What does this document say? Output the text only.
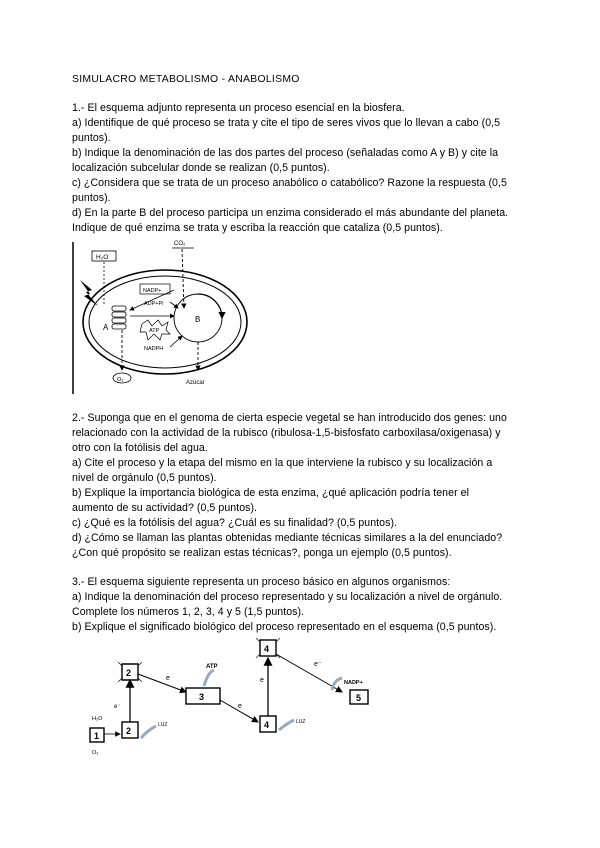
SIMULACRO METABOLISMO - ANABOLISMO
1.- El esquema adjunto representa un proceso esencial en la biosfera.
a) Identifique de qué proceso se trata y cite el tipo de seres vivos que lo llevan a cabo (0,5
puntos).
b) Indique la denominación de las dos partes del proceso (señaladas como A y B) y cite la
localización subcelular donde se realizan (0,5 puntos).
c) ¿Considera que se trata de un proceso anabólico o catabólico? Razone la respuesta (0,5
puntos).
d) En la parte B del proceso participa un enzima considerado el más abundante del planeta.
Indique de qué enzima se trata y escriba la reacción que cataliza (0,5 puntos).
H₂O
CO₂
A
B
NADP+
ADP+Pi
ATP
NADPH
O₂	Azúcar
2.- Suponga que en el genoma de cierta especie vegetal se han introducido dos genes: uno
relacionado con la actividad de la rubisco (ribulosa-1,5-bisfosfato carboxilasa/oxigenasa) y
otro con la fotólisis del agua.
a) Cite el proceso y la etapa del mismo en la que interviene la rubisco y su localización a
nivel de orgánulo (0,5 puntos).
b) Explique la importancia biológica de esta enzima, ¿qué aplicación podría tener el
aumento de su actividad? (0,5 puntos).
c) ¿Qué es la fotólisis del agua? ¿Cuál es su finalidad? (0,5 puntos).
d) ¿Cómo se llaman las plantas obtenidas mediante técnicas similares a la del enunciado?
¿Con qué propósito se realizan estas técnicas?, ponga un ejemplo (0,5 puntos).
3.- El esquema siguiente representa un proceso básico en algunos organismos:
a) Indique la denominación del proceso representado y su localización a nivel de orgánulo.
Complete los números 1, 2, 3, 4 y 5 (1,5 puntos).
b) Explique el significado biológico del proceso representado en el esquema (0,5 puntos).
1
H₂O
O₂
2
LUZ
e⁻
2
e
ATP
3
e
4	LUZ
e
4
e⁻
NADP+
5
